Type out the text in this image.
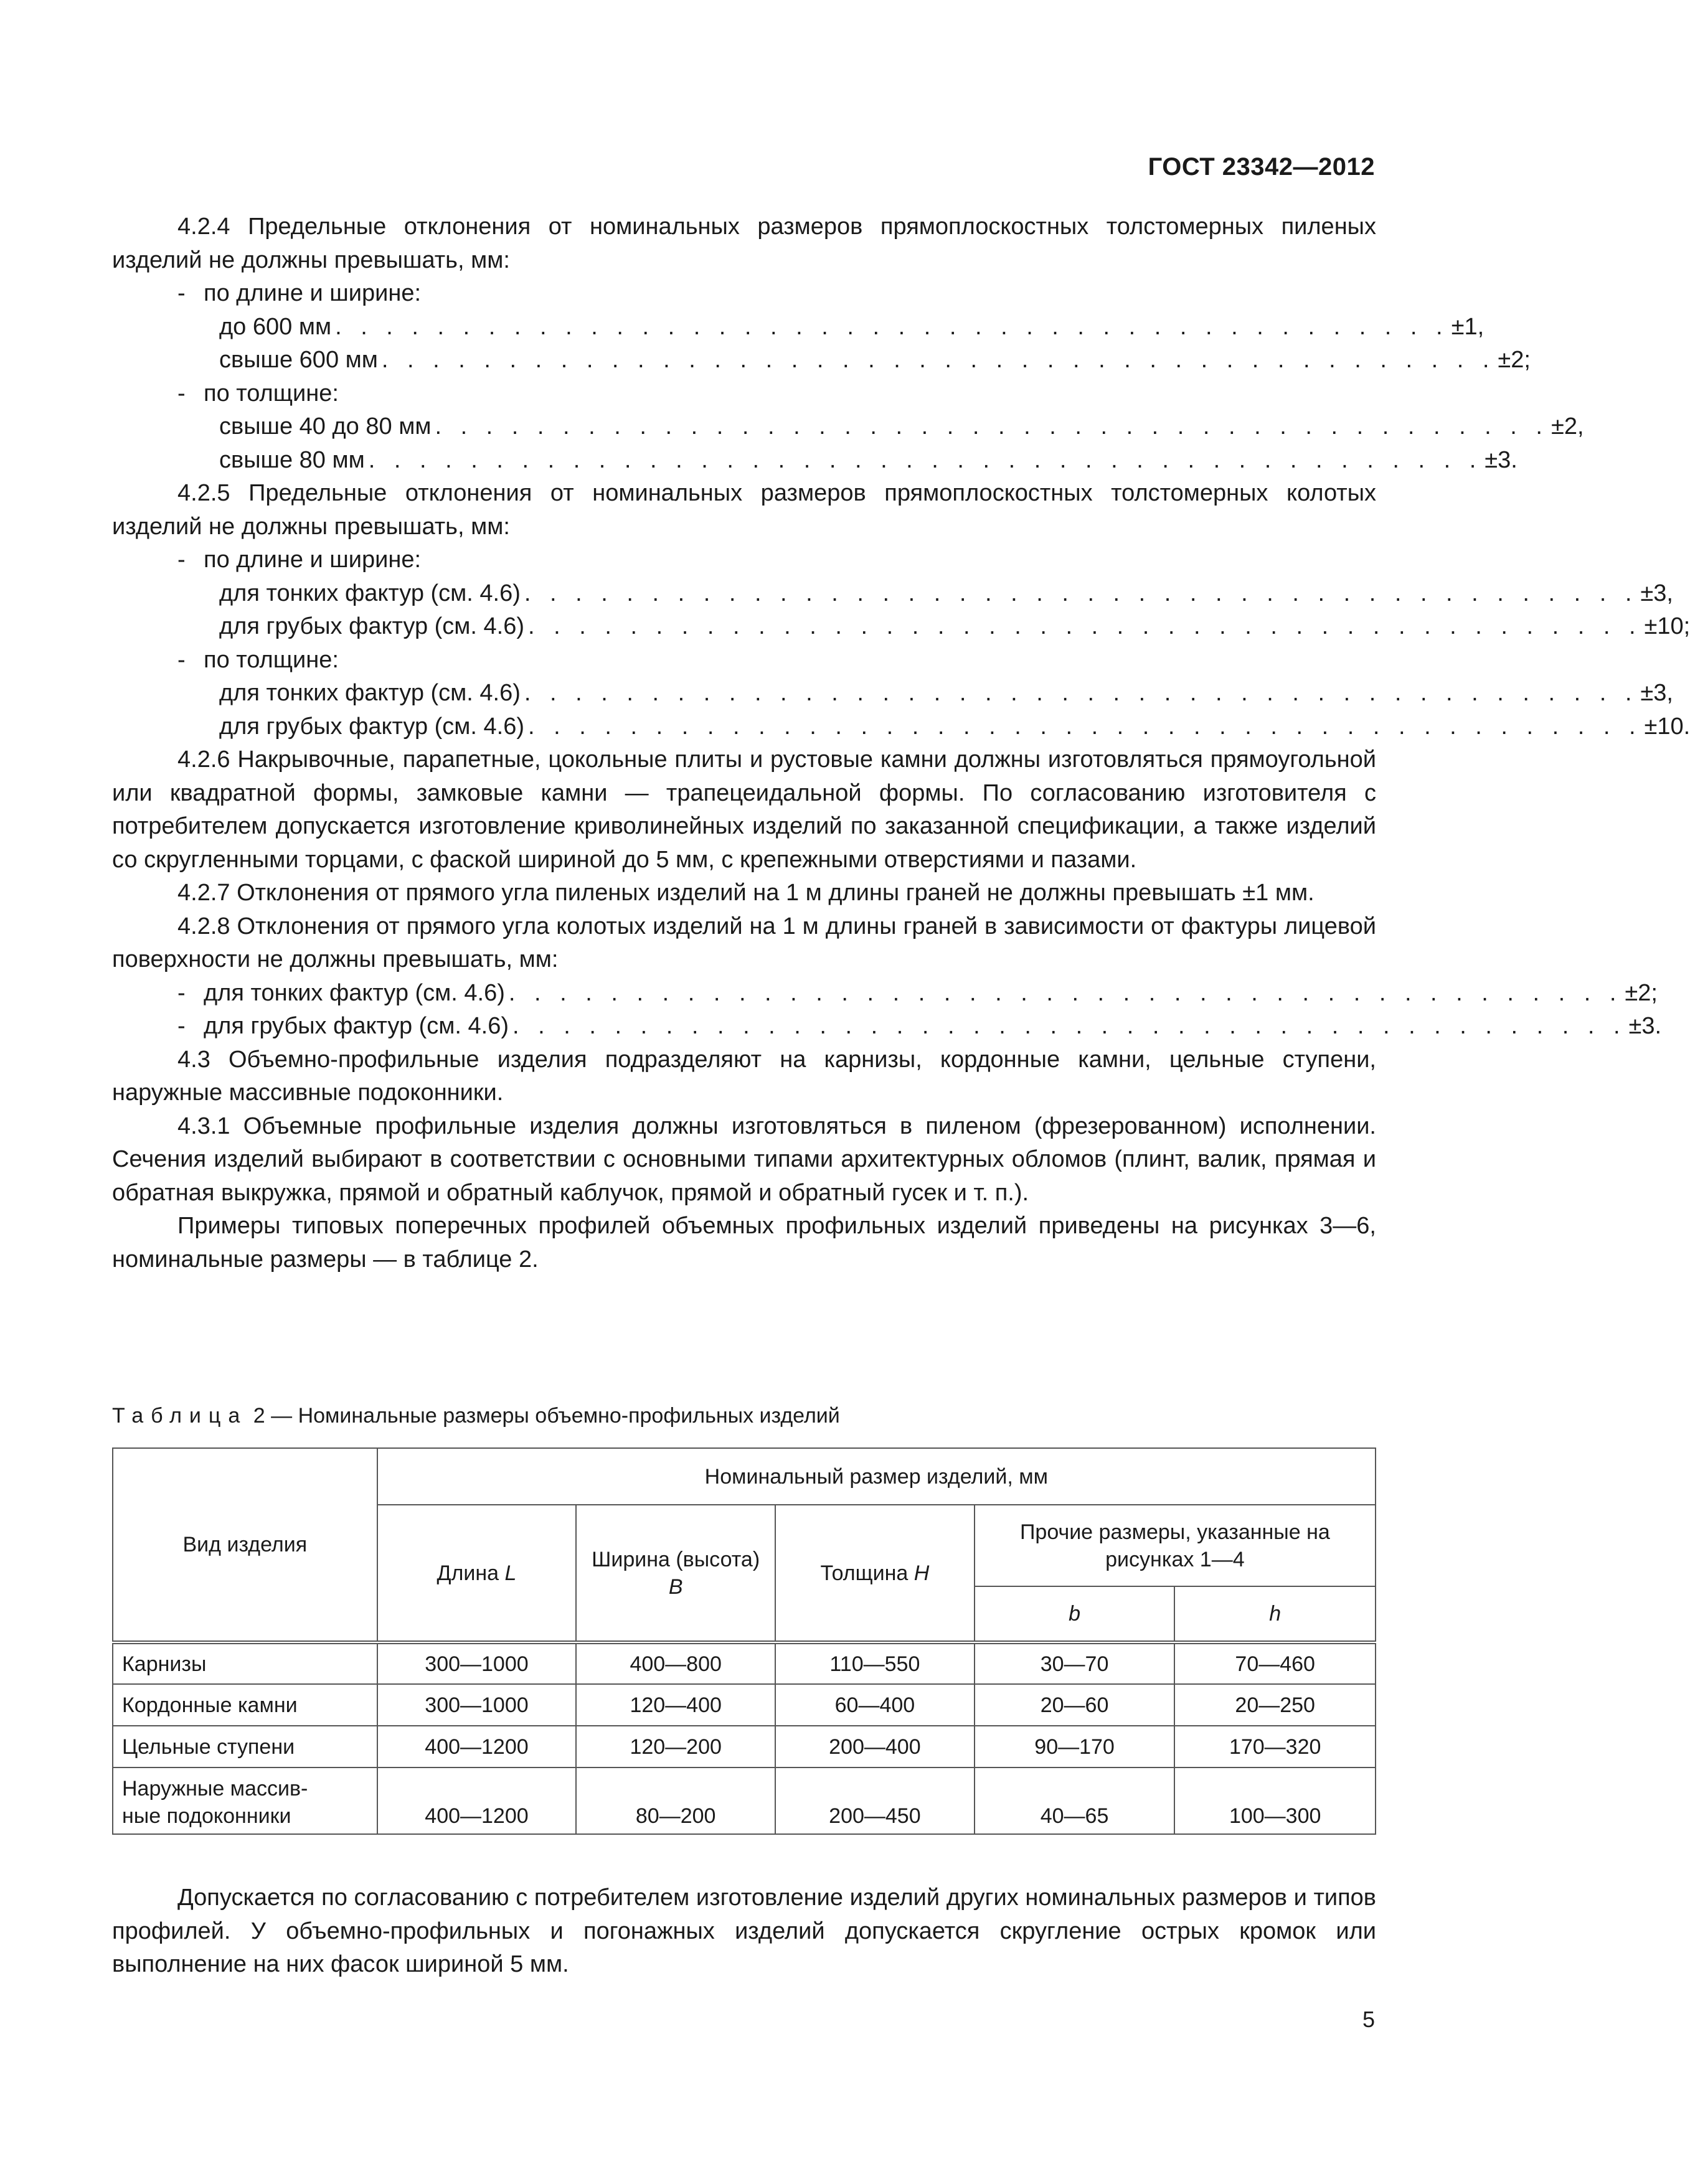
ГОСТ 23342—2012

4.2.4 Предельные отклонения от номинальных размеров прямоплоскостных толстомерных пиленых изделий не должны превышать, мм:

- по длине и ширине:

до 600 мм . . . . . . . . . . . . . . . . . . . . . . . . . . . . . . . . . . . . . . . . . . . . ±1,
свыше 600 мм . . . . . . . . . . . . . . . . . . . . . . . . . . . . . . . . . . . . . . . . . . . . ±2;

- по толщине:

свыше 40 до 80 мм . . . . . . . . . . . . . . . . . . . . . . . . . . . . . . . . . . . . . . . . . . . . ±2,
свыше 80 мм . . . . . . . . . . . . . . . . . . . . . . . . . . . . . . . . . . . . . . . . . . . . ±3.

4.2.5 Предельные отклонения от номинальных размеров прямоплоскостных толстомерных колотых изделий не должны превышать, мм:

- по длине и ширине:

для тонких фактур (см. 4.6) . . . . . . . . . . . . . . . . . . . . . . . . . . . . . . . . . . . . . . . . . . . . ±3,
для грубых фактур (см. 4.6) . . . . . . . . . . . . . . . . . . . . . . . . . . . . . . . . . . . . . . . . . . . . ±10;

- по толщине:

для тонких фактур (см. 4.6) . . . . . . . . . . . . . . . . . . . . . . . . . . . . . . . . . . . . . . . . . . . . ±3,
для грубых фактур (см. 4.6) . . . . . . . . . . . . . . . . . . . . . . . . . . . . . . . . . . . . . . . . . . . . ±10.

4.2.6 Накрывочные, парапетные, цокольные плиты и рустовые камни должны изготовляться прямоугольной или квадратной формы, замковые камни — трапецеидальной формы. По согласованию изготовителя с потребителем допускается изготовление криволинейных изделий по заказанной спецификации, а также изделий со скругленными торцами, с фаской шириной до 5 мм, с крепежными отверстиями и пазами.

4.2.7 Отклонения от прямого угла пиленых изделий на 1 м длины граней не должны превышать ±1 мм.

4.2.8 Отклонения от прямого угла колотых изделий на 1 м длины граней в зависимости от фактуры лицевой поверхности не должны превышать, мм:

- для тонких фактур (см. 4.6) . . . . . . . . . . . . . . . . . . . . . . . . . . . . . . . . . . . . . . . . . . . . ±2;
- для грубых фактур (см. 4.6) . . . . . . . . . . . . . . . . . . . . . . . . . . . . . . . . . . . . . . . . . . . . ±3.

4.3 Объемно-профильные изделия подразделяют на карнизы, кордонные камни, цельные ступени, наружные массивные подоконники.

4.3.1 Объемные профильные изделия должны изготовляться в пиленом (фрезерованном) исполнении. Сечения изделий выбирают в соответствии с основными типами архитектурных обломов (плинт, валик, прямая и обратная выкружка, прямой и обратный каблучок, прямой и обратный гусек и т. п.).

Примеры типовых поперечных профилей объемных профильных изделий приведены на рисунках 3—6, номинальные размеры — в таблице 2.

Таблица 2 — Номинальные размеры объемно-профильных изделий
Вид изделия	Номинальный размер изделий, мм				
	Длина L	Ширина (высота)
B	Толщина H	Прочие размеры, указанные на рисунках 1—4	
				b	h
Карнизы	300—1000	400—800	110—550	30—70	70—460
Кордонные камни	300—1000	120—400	60—400	20—60	20—250
Цельные ступени	400—1200	120—200	200—400	90—170	170—320

Наружные массив-
ные подоконники	400—1200	80—200	200—450	40—65	100—300

Допускается по согласованию с потребителем изготовление изделий других номинальных размеров и типов профилей. У объемно-профильных и погонажных изделий допускается скругление острых кромок или выполнение на них фасок шириной 5 мм.

5
